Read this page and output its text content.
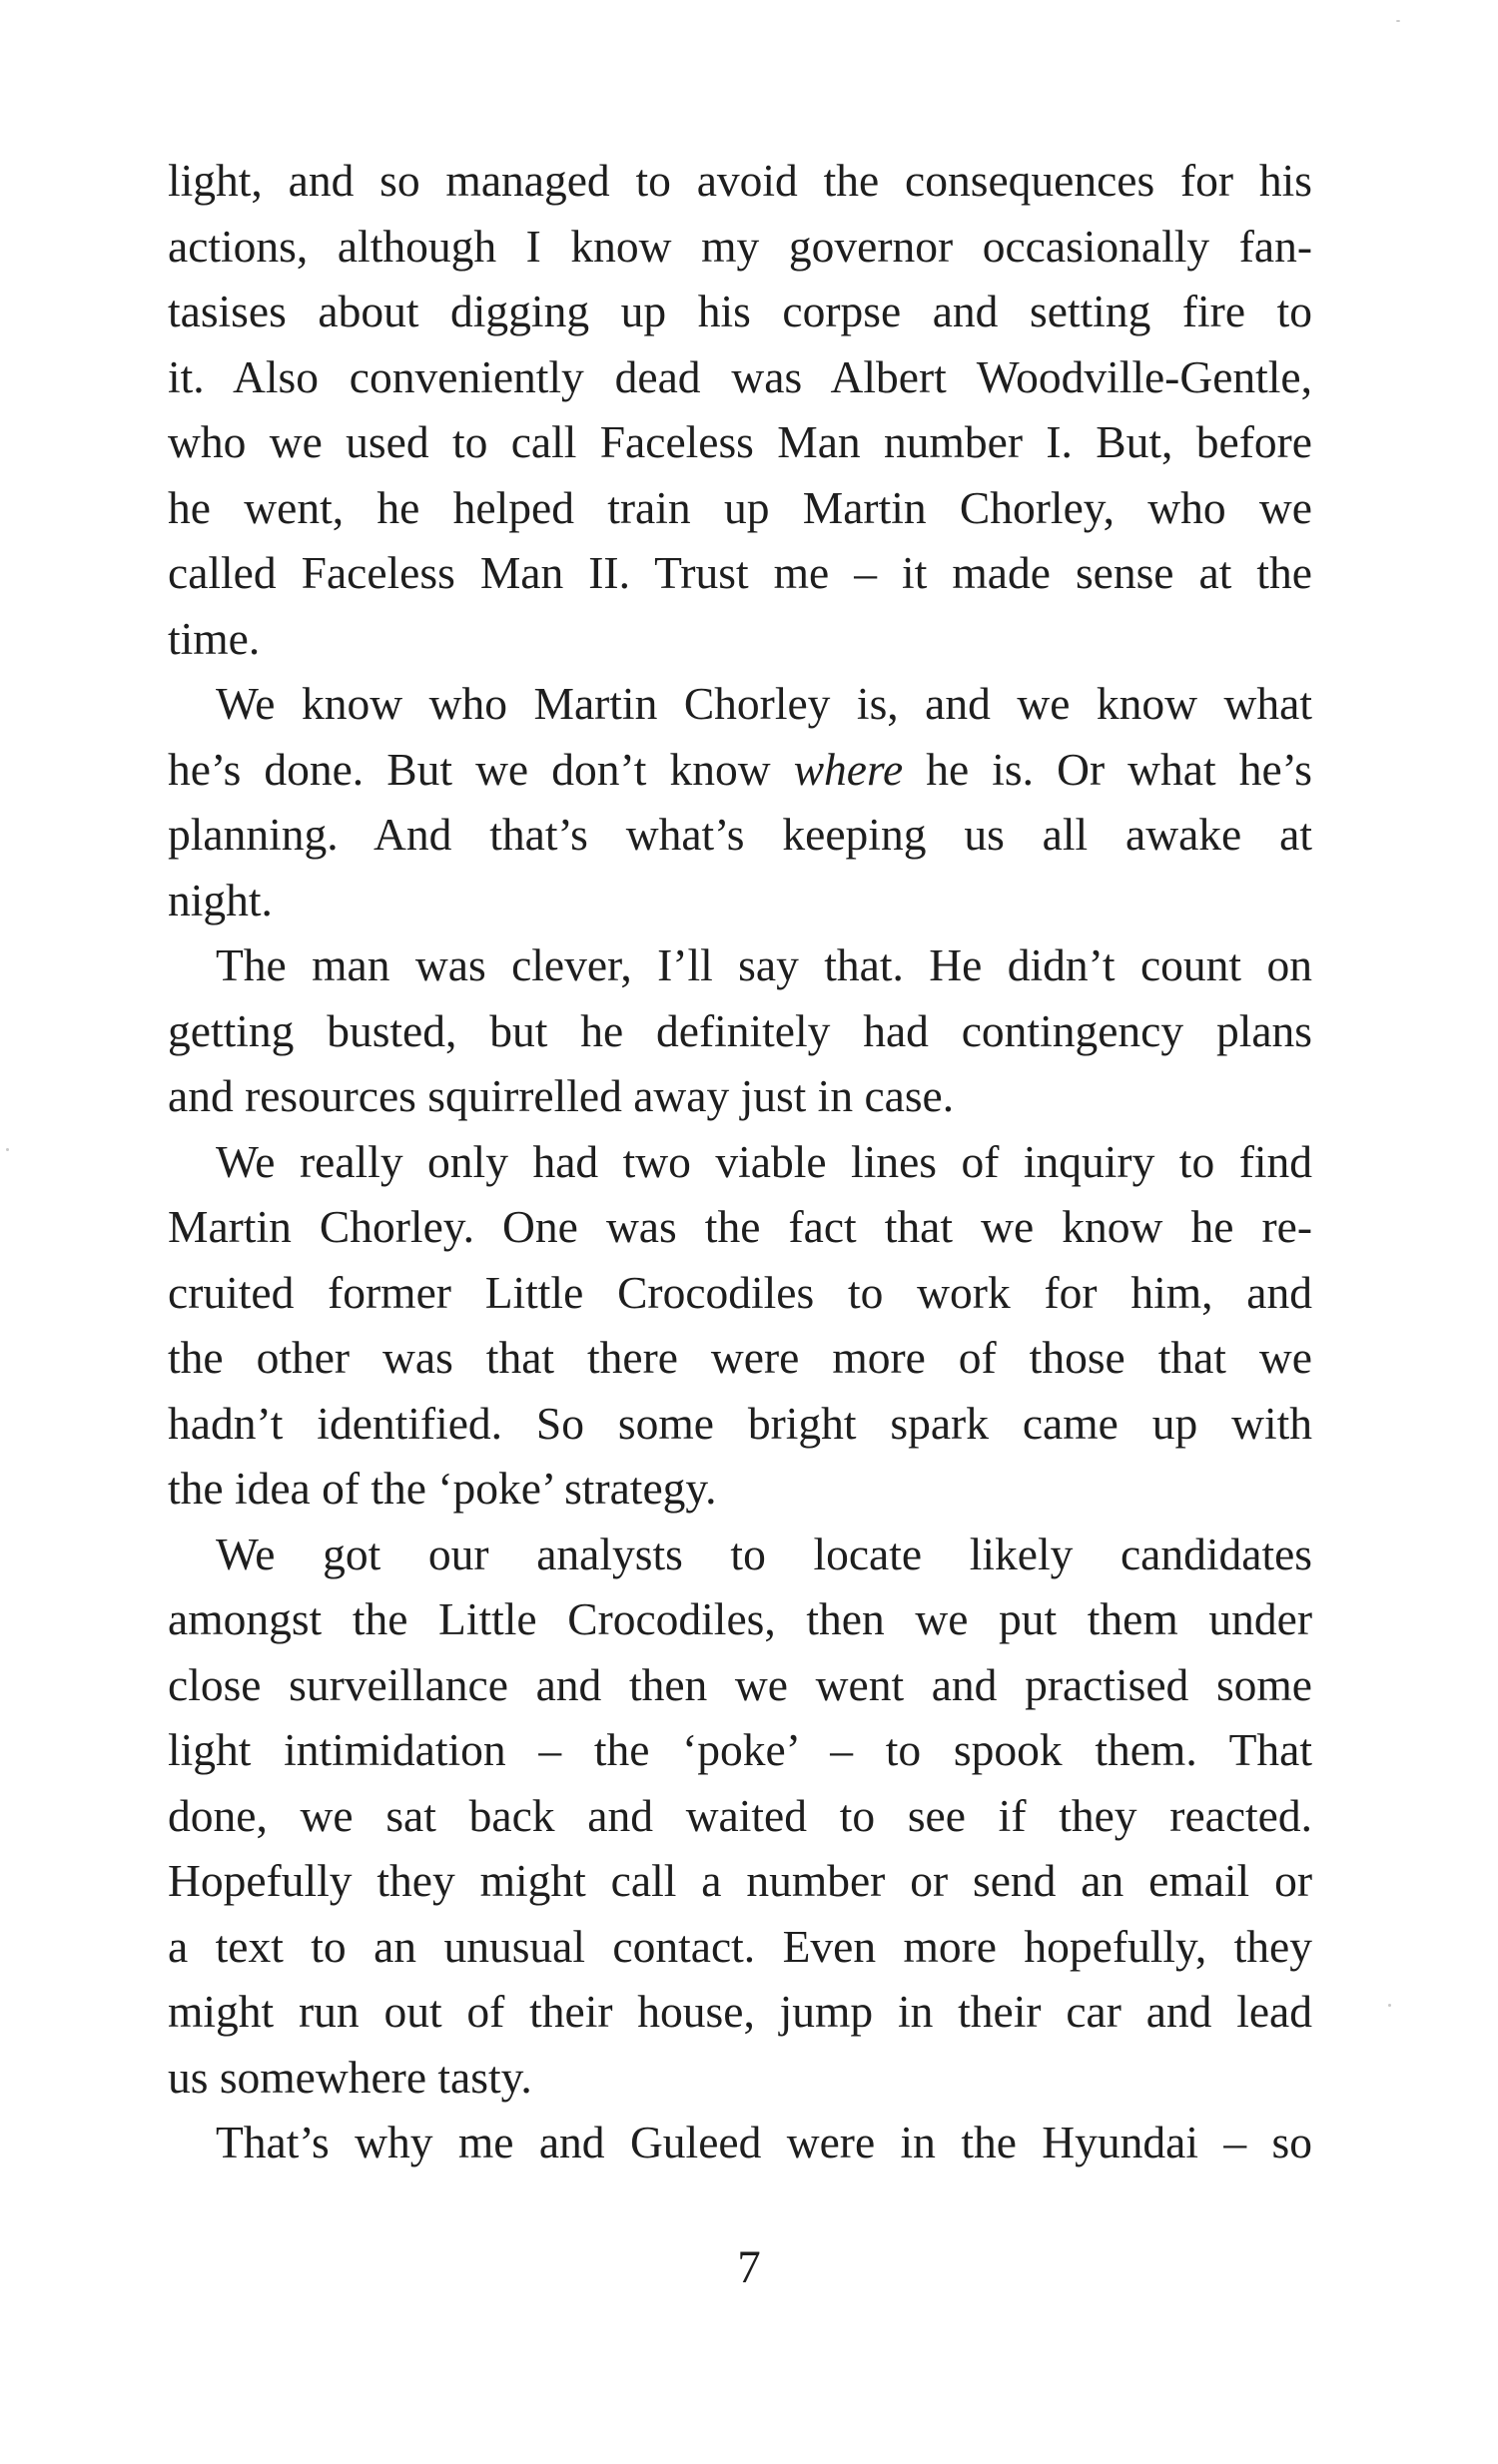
light, and so managed to avoid the consequences for his
actions, although I know my governor occasionally fan-
tasises about digging up his corpse and setting fire to
it. Also conveniently dead was Albert Woodville-Gentle,
who we used to call Faceless Man number I. But, before
he went, he helped train up Martin Chorley, who we
called Faceless Man II. Trust me – it made sense at the
time.
We know who Martin Chorley is, and we know what
he’s done. But we don’t know where he is. Or what he’s
planning. And that’s what’s keeping us all awake at
night.
The man was clever, I’ll say that. He didn’t count on
getting busted, but he definitely had contingency plans
and resources squirrelled away just in case.
We really only had two viable lines of inquiry to find
Martin Chorley. One was the fact that we know he re-
cruited former Little Crocodiles to work for him, and
the other was that there were more of those that we
hadn’t identified. So some bright spark came up with
the idea of the ‘poke’ strategy.
We got our analysts to locate likely candidates
amongst the Little Crocodiles, then we put them under
close surveillance and then we went and practised some
light intimidation – the ‘poke’ – to spook them. That
done, we sat back and waited to see if they reacted.
Hopefully they might call a number or send an email or
a text to an unusual contact. Even more hopefully, they
might run out of their house, jump in their car and lead
us somewhere tasty.
That’s why me and Guleed were in the Hyundai – so
7
